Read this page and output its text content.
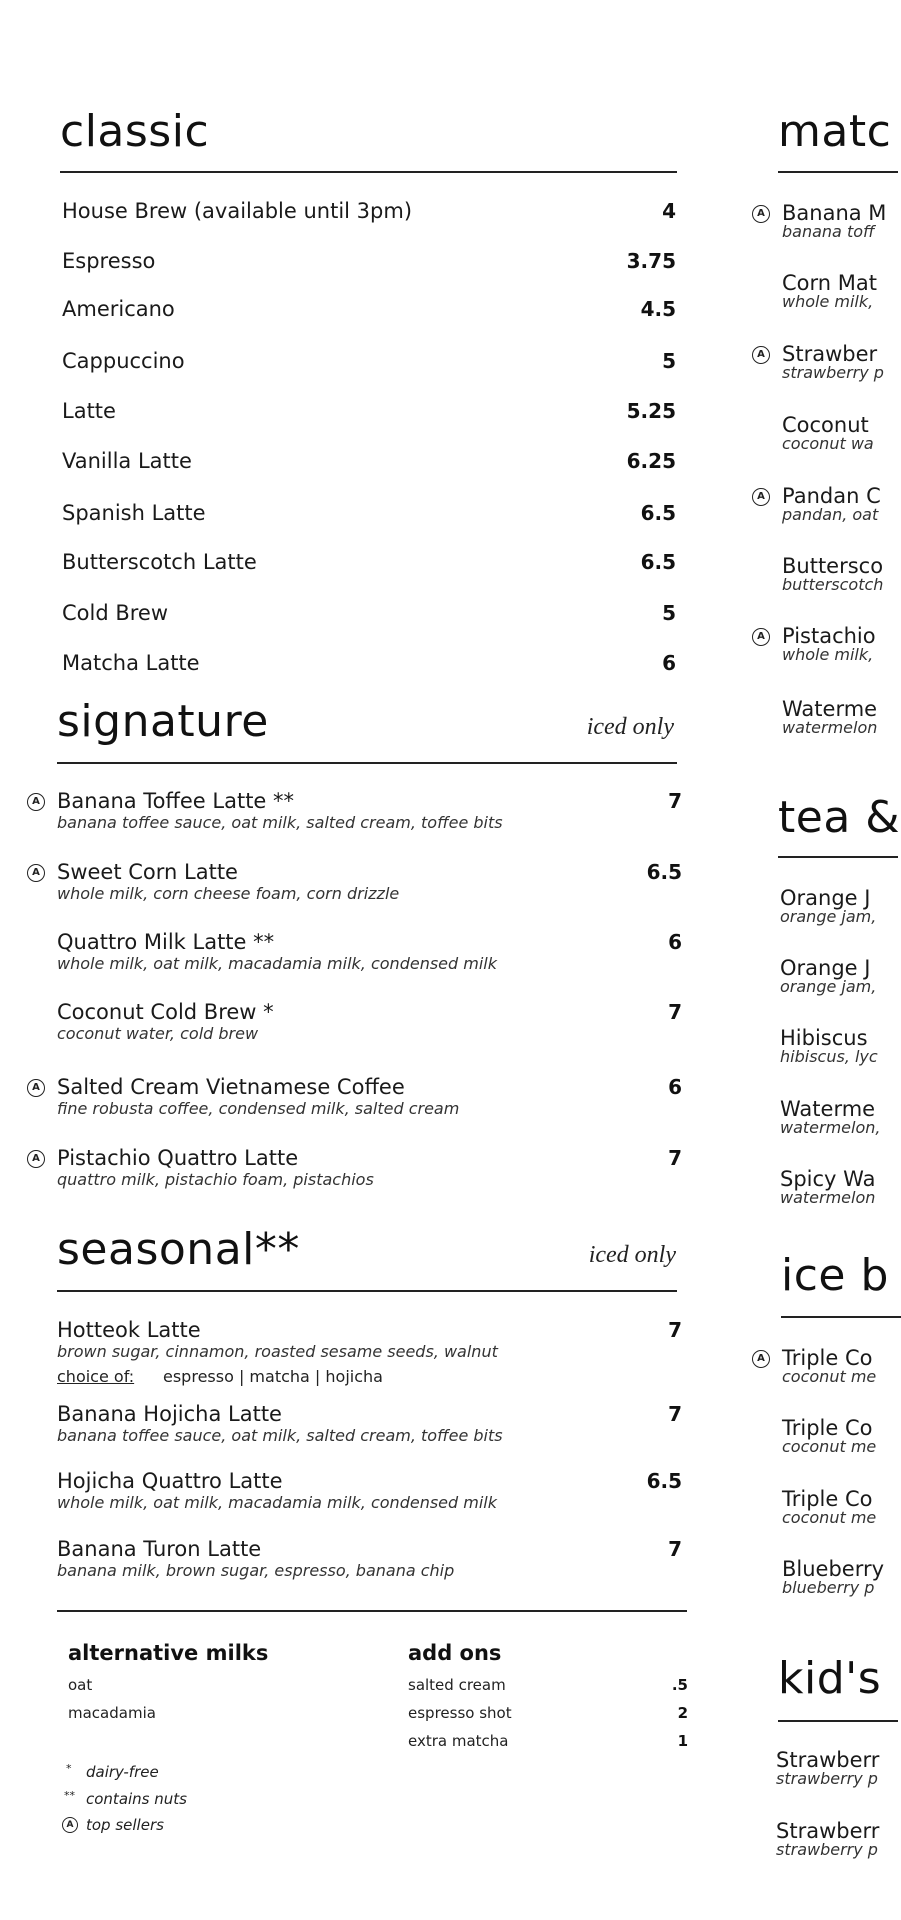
classic
House Brew (available until 3pm)	4
Espresso	3.75
Americano	4.5
Cappuccino	5
Latte	5.25
Vanilla Latte	6.25
Spanish Latte	6.5
Butterscotch Latte	6.5
Cold Brew	5
Matcha Latte	6
signature	iced only
A Banana Toffee Latte **
banana toffee sauce, oat milk, salted cream, toffee bits
7
A Sweet Corn Latte
whole milk, corn cheese foam, corn drizzle
6.5
Quattro Milk Latte **
whole milk, oat milk, macadamia milk, condensed milk
6
Coconut Cold Brew *
coconut water, cold brew
7
A Salted Cream Vietnamese Coffee
fine robusta coffee, condensed milk, salted cream
6
A Pistachio Quattro Latte
quattro milk, pistachio foam, pistachios
7
seasonal**	iced only
Hotteok Latte
brown sugar, cinnamon, roasted sesame seeds, walnut
7
Banana Hojicha Latte
banana toffee sauce, oat milk, salted cream, toffee bits
7
Hojicha Quattro Latte
whole milk, oat milk, macadamia milk, condensed milk
6.5
Banana Turon Latte
banana milk, brown sugar, espresso, banana chip
7
choice of: espresso | matcha | hojicha
alternative milks
oat
macadamia
add ons
salted cream	.5
espresso shot	2
extra matcha	1
* dairy-free
** contains nuts
A top sellers
matc
A Banana M
banana toff
Corn Mat
whole milk,
A Strawber
strawberry p
Coconut
coconut wa
A Pandan C
pandan, oat
Buttersco
butterscotch
A Pistachio
whole milk,
Waterme
watermelon
tea &
Orange J
orange jam,
Orange J
orange jam,
Hibiscus
hibiscus, lyc
Waterme
watermelon,
Spicy Wa
watermelon
ice b
A Triple Co
coconut me
Triple Co
coconut me
Triple Co
coconut me
Blueberry
blueberry p
kid's
Strawberr
strawberry p
Strawberr
strawberry p
